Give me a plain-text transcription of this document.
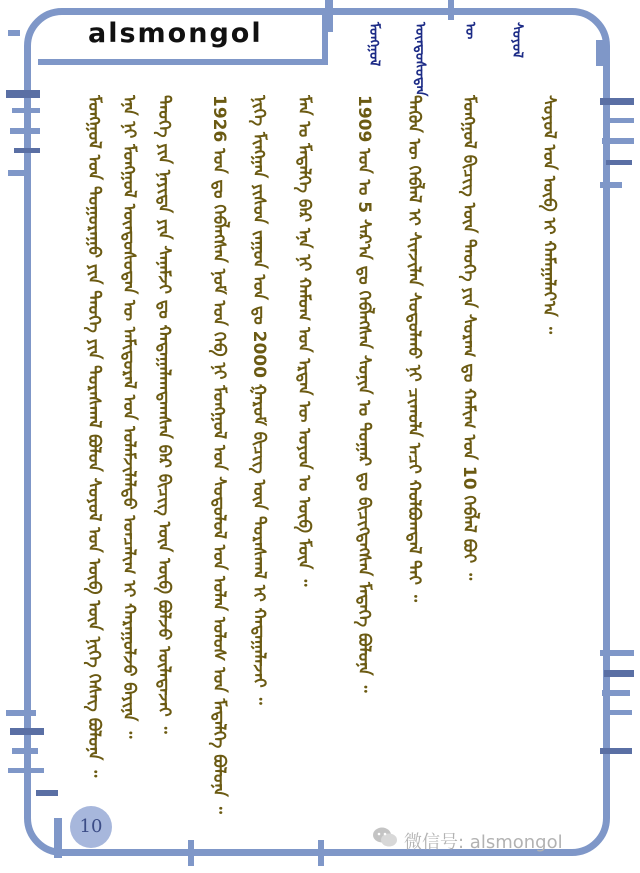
alsmongol	ᠮᠣᠩᠭᠣᠯ ᠦᠨᠳᠦᠰᠦᠲᠡᠨ ᠦ ᠰᠣᠶᠣᠯ
ᠮᠣᠩᠭᠣᠯ ᠤᠨ ᠲᠣᠭᠣᠷᠠᠭᠤ ᠶᠢᠨ ᠲᠡᠦᠬᠡ ᠶᠢᠨ ᠳᠤᠷᠠᠰᠬᠠᠯ ᠪᠣᠯᠤᠨ ᠰᠣᠶᠣᠯ ᠤᠨ ᠥᠪ ᠦᠨ ᠨᠢᠭᠡ ᠬᠡᠰᠡᠭ ᠪᠣᠯᠤᠨᠠ ᠃ ᠡᠨᠡ ᠨᠢ ᠮᠣᠩᠭᠣᠯ ᠦᠨᠳᠦᠰᠦᠲᠡᠨ ᠦ ᠠᠮᠢᠳᠤᠷᠠᠯ ᠤᠨ ᠤᠯᠠᠮᠵᠢᠯᠠᠯᠲᠤ ᠣᠨᠴᠠᠯᠢᠭ ᠢ ᠬᠠᠷᠠᠭᠤᠯᠵᠤ ᠪᠠᠶᠢᠨᠠ ᠃ ᠲᠡᠦᠬᠡ ᠶᠢᠨ ᠨᠡᠶᠢᠲᠡ ᠶᠢᠨ ᠰᠠᠨᠠᠮᠵᠢ ᠳᠤ ᠬᠠᠳᠠᠭᠠᠯᠠᠭᠳᠠᠭᠰᠠᠨ ᠪᠠᠷ ᠪᠢᠴᠢᠭ ᠦᠨ ᠥᠪ ᠪᠣᠯᠵᠤ ᠦᠯᠡᠳᠡᠵᠡᠢ ᠃ 1926 ᠣᠨ ᠳᠤ ᠬᠡᠪᠯᠡᠭᠰᠡᠨ ᠨᠣᠮ ᠤᠨ ᠬᠡᠪ ᠨᠢ ᠮᠣᠩᠭᠣᠯ ᠤᠨ ᠰᠤᠳᠤᠯᠤᠯ ᠤᠨ ᠣᠯᠠᠨ ᠤᠯᠤᠰ ᠤᠨ ᠮᠡᠳᠡᠯᠭᠡ ᠪᠣᠯᠤᠨᠠ ᠃ ᠨᠢᠭᠡ ᠮᠢᠩᠭᠠᠨ ᠶᠢᠰᠦᠨ ᠵᠠᠭᠤᠨ ᠣᠨ ᠳᠤ 2000 ᠭᠠᠷᠤᠮ ᠪᠢᠴᠢᠭ ᠦᠨ ᠳᠤᠷᠠᠰᠬᠠᠯ ᠢ ᠬᠠᠳᠠᠭᠠᠯᠠᠵᠠᠢ ᠃ ᠮᠠᠨ ᠤ ᠮᠡᠳᠡᠯᠭᠡ ᠪᠡᠷ ᠡᠨᠡ ᠨᠢ ᠬᠠᠮᠤᠭ ᠤᠨ ᠡᠷᠲᠡᠨ ᠦ ᠣᠶᠤᠨ ᠤ ᠥᠪ ᠮᠥᠨ ᠃ 1909 ᠣᠨ ᠤ 5 ᠰᠠᠷ᠎ᠠ ᠳᠤ ᠬᠡᠪᠯᠡᠭᠰᠡᠨ ᠰᠣᠨᠢᠨ ᠤ ᠳᠤᠭᠠᠷ ᠳᠤ ᠪᠢᠴᠢᠭᠳᠡᠭᠰᠡᠨ ᠮᠡᠳᠡᠭᠡ ᠪᠣᠯᠤᠨᠠ ᠃ ᠲᠡᠭᠦᠨ ᠦ ᠬᠡᠪᠯᠡᠯ ᠢ ᠰᠢᠨᠵᠢᠯᠡᠨ ᠰᠤᠳᠤᠯᠬᠤ ᠨᠢ ᠴᠢᠬᠤᠯᠠ ᠠᠴᠢ ᠬᠣᠯᠪᠣᠭᠳᠠᠯ ᠲᠠᠢ ᠃ ᠮᠣᠩᠭᠣᠯ ᠪᠢᠴᠢᠭ ᠦᠨ ᠲᠡᠦᠬᠡ ᠶᠢᠨ ᠰᠤᠷᠠᠭ ᠳᠤ ᠬᠠᠮᠢᠭ ᠤᠨ 10 ᠬᠡᠪᠯᠡᠯ ᠪᠤᠢ ᠃	ᠰᠣᠶᠣᠯ ᠤᠨ ᠥᠪ ᠢ ᠬᠠᠮᠠᠭᠠᠯᠠᠶ᠎ᠠ ᠃
10
微信号: alsmongol
